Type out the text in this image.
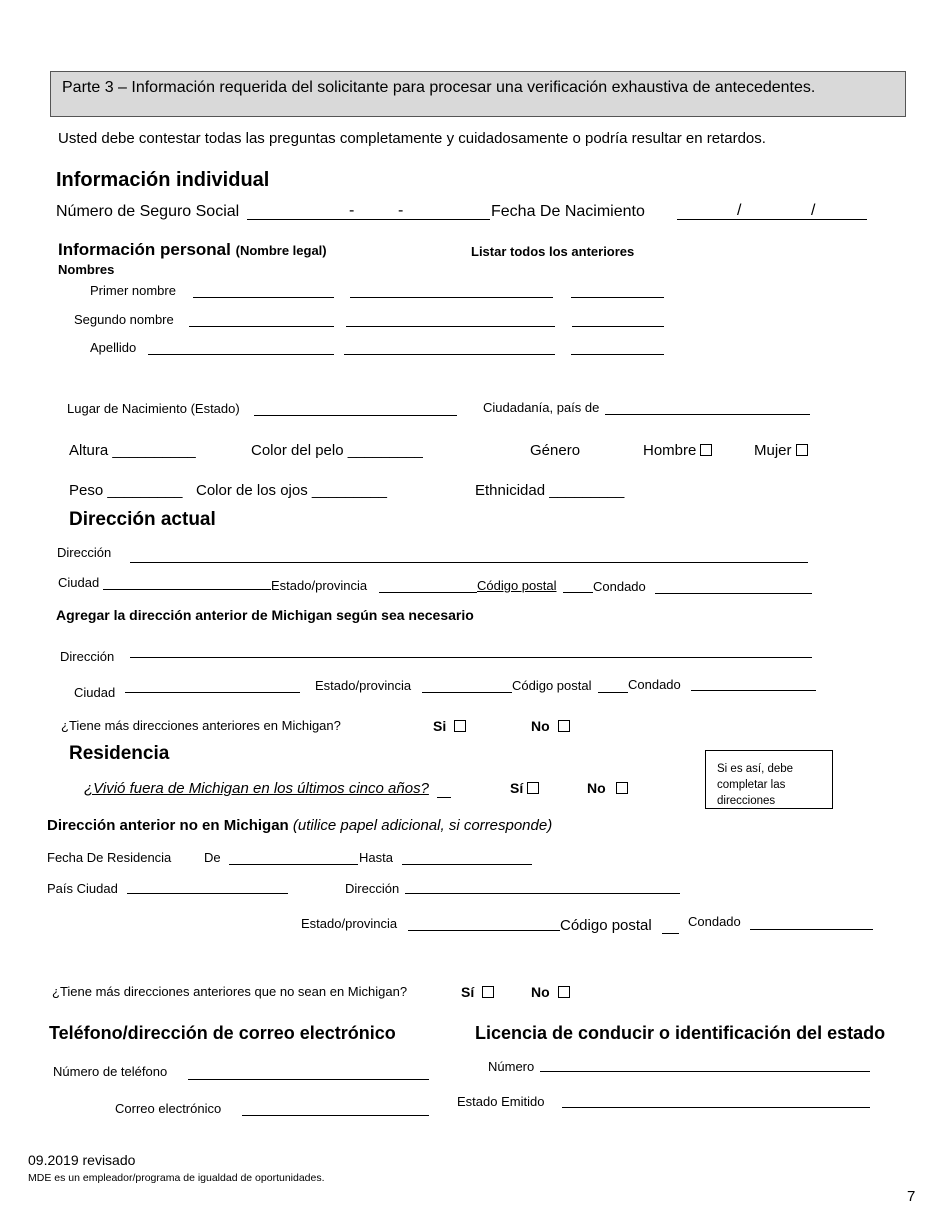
Parte 3 – Información requerida del solicitante para procesar una verificación exhaustiva de antecedentes.
Usted debe contestar todas las preguntas completamente y cuidadosamente o podría resultar en retardos.
Información individual
Número de Seguro Social	-	-	Fecha De Nacimiento	/	/
Información personal (Nombre legal)
Nombres
Listar todos los anteriores
Primer nombre
Segundo nombre
Apellido
Lugar de Nacimiento (Estado)	Ciudadanía, país de
Altura __________	Color del pelo _________	Género	Hombre	Mujer
Peso _________ Color de los ojos _________	Ethnicidad _________
Dirección actual
Dirección
Ciudad	Estado/provincia	Código postal	Condado
Agregar la dirección anterior de Michigan según sea necesario
Dirección
Ciudad	Estado/provincia	Código postal	Condado
¿Tiene más direcciones anteriores en Michigan?	Si	No
Residencia
¿Vivió fuera de Michigan en los últimos cinco años?	Sí	No
Si es así, debe completar las direcciones
Dirección anterior no en Michigan (utilice papel adicional, si corresponde)
Fecha De Residencia	De	Hasta
País Ciudad	Dirección
Estado/provincia	Código postal	Condado
¿Tiene más direcciones anteriores que no sean en Michigan?	Sí	No
Teléfono/dirección de correo electrónico
Número de teléfono
Correo electrónico
Licencia de conducir o identificación del estado
Número
Estado Emitido
09.2019 revisado
MDE es un empleador/programa de igualdad de oportunidades.
7
